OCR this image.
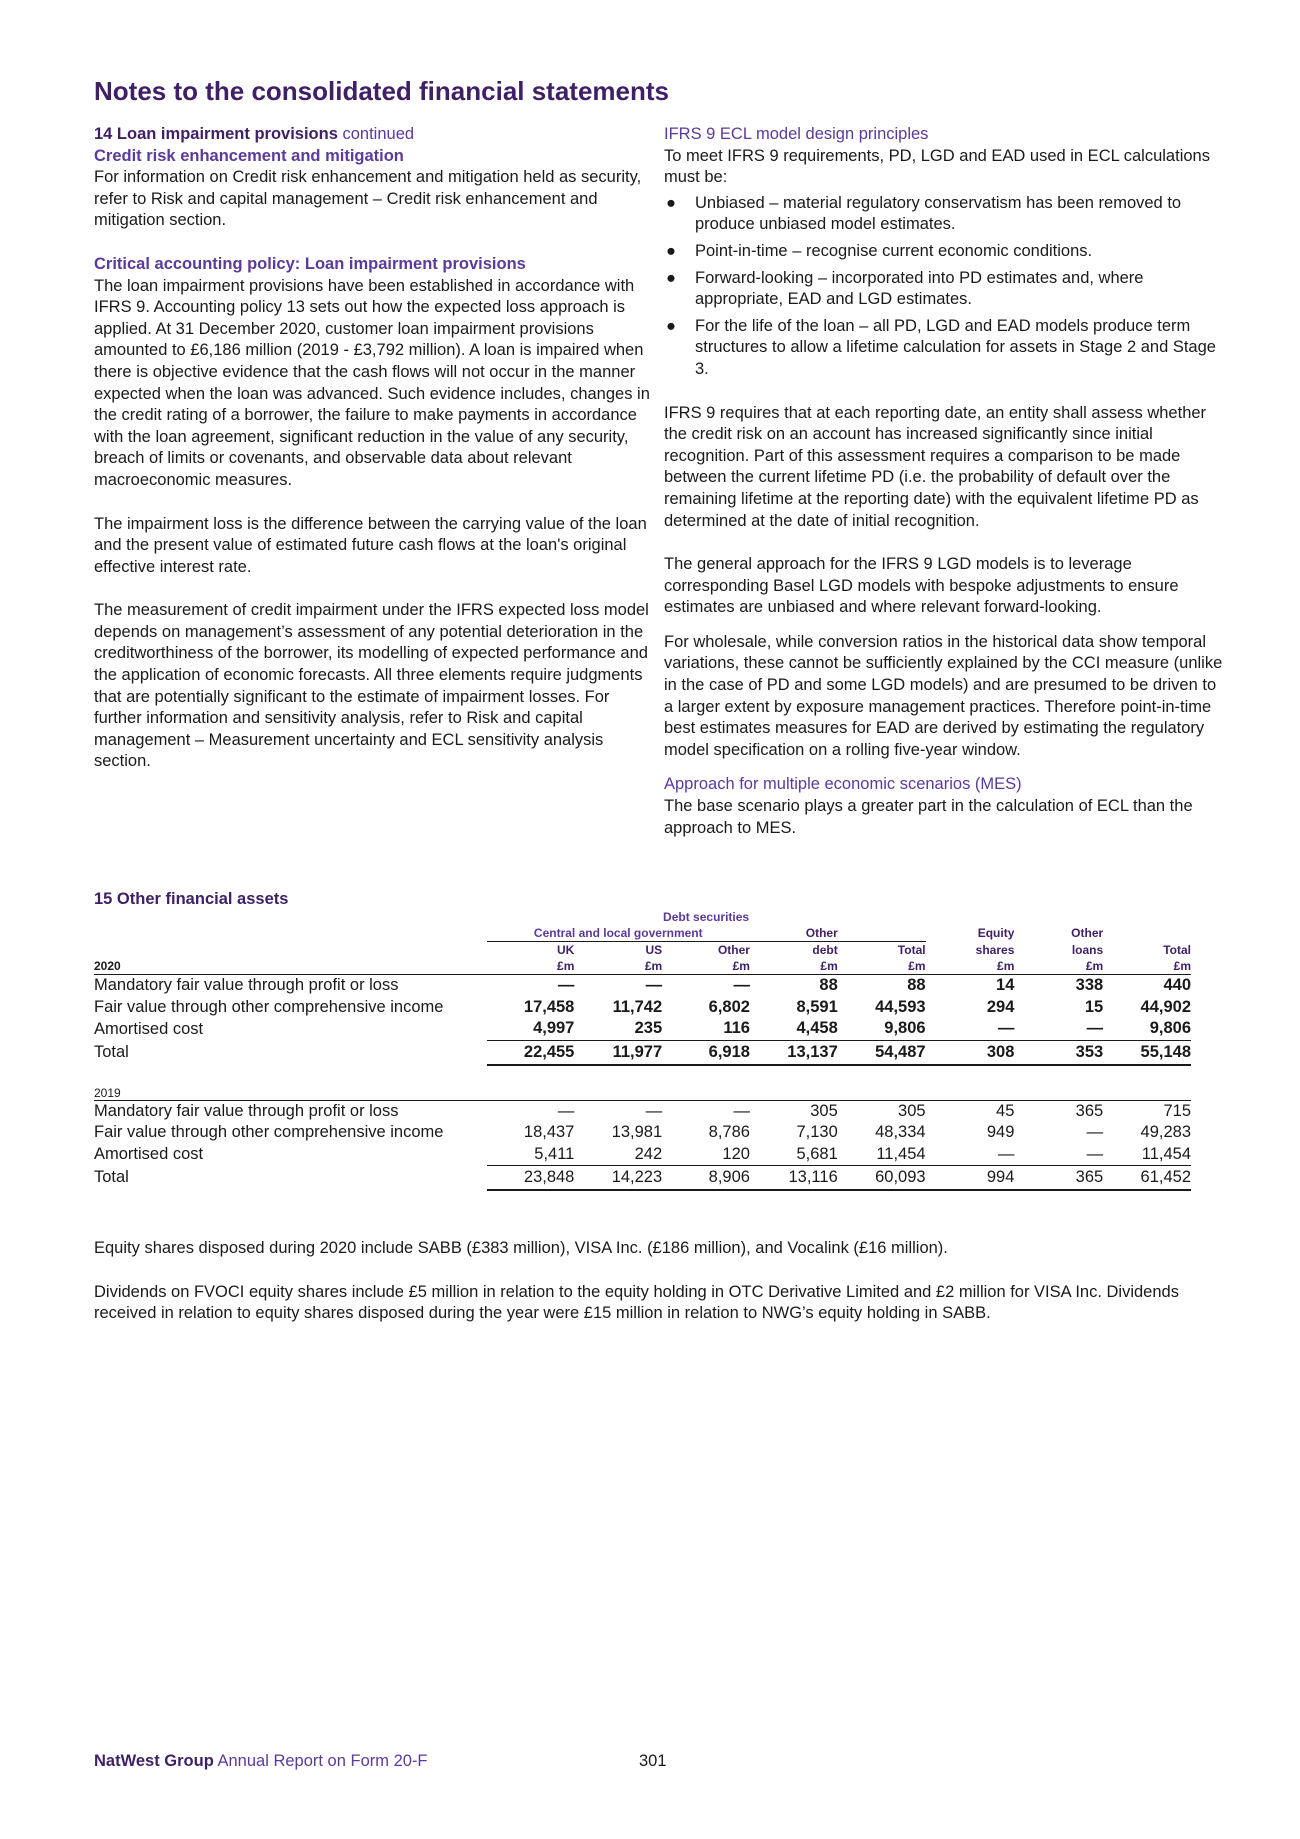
Notes to the consolidated financial statements

14 Loan impairment provisions continued

Credit risk enhancement and mitigation

For information on Credit risk enhancement and mitigation held as security, refer to Risk and capital management – Credit risk enhancement and mitigation section.

Critical accounting policy: Loan impairment provisions

The loan impairment provisions have been established in accordance with IFRS 9. Accounting policy 13 sets out how the expected loss approach is applied. At 31 December 2020, customer loan impairment provisions amounted to £6,186 million (2019 - £3,792 million). A loan is impaired when there is objective evidence that the cash flows will not occur in the manner expected when the loan was advanced. Such evidence includes, changes in the credit rating of a borrower, the failure to make payments in accordance with the loan agreement, significant reduction in the value of any security, breach of limits or covenants, and observable data about relevant macroeconomic measures.

The impairment loss is the difference between the carrying value of the loan and the present value of estimated future cash flows at the loan's original effective interest rate.

The measurement of credit impairment under the IFRS expected loss model depends on management’s assessment of any potential deterioration in the creditworthiness of the borrower, its modelling of expected performance and the application of economic forecasts. All three elements require judgments that are potentially significant to the estimate of impairment losses. For further information and sensitivity analysis, refer to Risk and capital management – Measurement uncertainty and ECL sensitivity analysis section.

IFRS 9 ECL model design principles

To meet IFRS 9 requirements, PD, LGD and EAD used in ECL calculations must be:

● Unbiased – material regulatory conservatism has been removed to produce unbiased model estimates.
● Point-in-time – recognise current economic conditions.
● Forward-looking – incorporated into PD estimates and, where appropriate, EAD and LGD estimates.
● For the life of the loan – all PD, LGD and EAD models produce term structures to allow a lifetime calculation for assets in Stage 2 and Stage 3.

IFRS 9 requires that at each reporting date, an entity shall assess whether the credit risk on an account has increased significantly since initial recognition. Part of this assessment requires a comparison to be made between the current lifetime PD (i.e. the probability of default over the remaining lifetime at the reporting date) with the equivalent lifetime PD as determined at the date of initial recognition.

The general approach for the IFRS 9 LGD models is to leverage corresponding Basel LGD models with bespoke adjustments to ensure estimates are unbiased and where relevant forward-looking.

For wholesale, while conversion ratios in the historical data show temporal variations, these cannot be sufficiently explained by the CCI measure (unlike in the case of PD and some LGD models) and are presumed to be driven to a larger extent by exposure management practices. Therefore point-in-time best estimates measures for EAD are derived by estimating the regulatory model specification on a rolling five-year window.

Approach for multiple economic scenarios (MES)

The base scenario plays a greater part in the calculation of ECL than the approach to MES.

15 Other financial assets

	Debt securities							
	Central and local government			Other		Equity	Other	
	UK	US	Other	debt	Total	shares	loans	Total
2020	£m	£m	£m	£m	£m	£m	£m	£m
Mandatory fair value through profit or loss	—	—	—	88	88	14	338	440
Fair value through other comprehensive income	17,458	11,742	6,802	8,591	44,593	294	15	44,902
Amortised cost	4,997	235	116	4,458	9,806	—	—	9,806
Total	22,455	11,977	6,918	13,137	54,487	308	353	55,148

2019								
Mandatory fair value through profit or loss	—	—	—	305	305	45	365	715
Fair value through other comprehensive income	18,437	13,981	8,786	7,130	48,334	949	—	49,283
Amortised cost	5,411	242	120	5,681	11,454	—	—	11,454
Total	23,848	14,223	8,906	13,116	60,093	994	365	61,452

Equity shares disposed during 2020 include SABB (£383 million), VISA Inc. (£186 million), and Vocalink (£16 million).

Dividends on FVOCI equity shares include £5 million in relation to the equity holding in OTC Derivative Limited and £2 million for VISA Inc. Dividends received in relation to equity shares disposed during the year were £15 million in relation to NWG’s equity holding in SABB.

NatWest Group Annual Report on Form 20-F	301
